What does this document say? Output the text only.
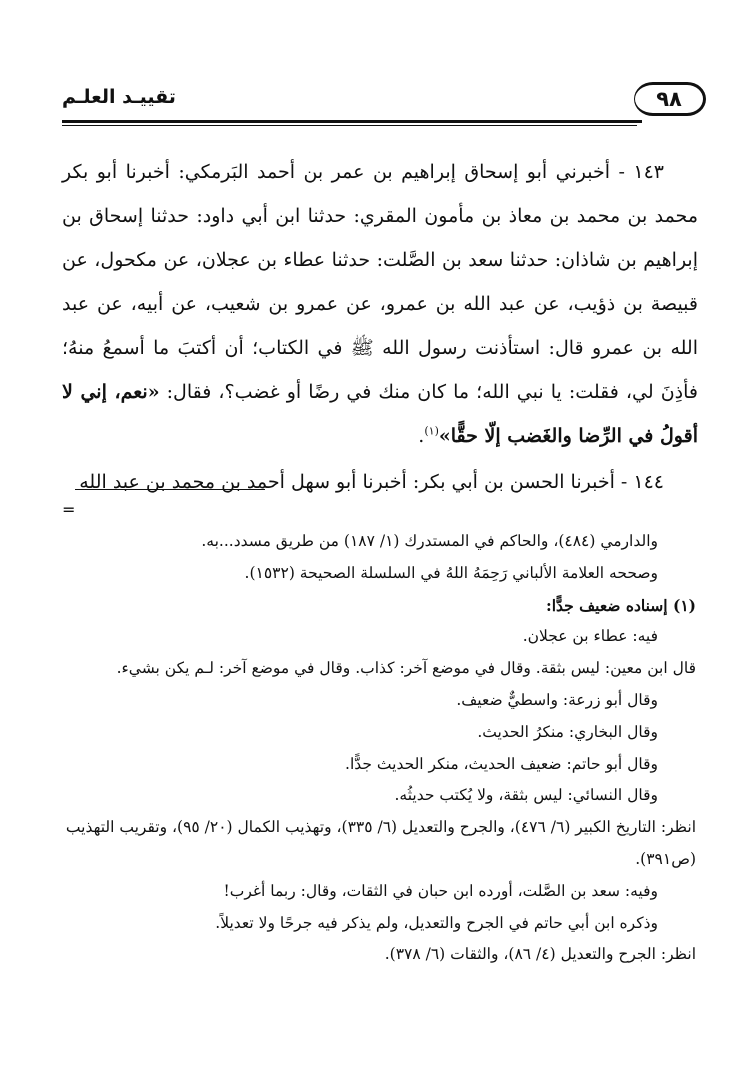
٩٨
تقييـد العلـم

١٤٣ - أخبرني أبو إسحاق إبراهيم بن عمر بن أحمد البَرمكي: أخبرنا أبو بكر محمد بن محمد بن معاذ بن مأمون المقري: حدثنا ابن أبي داود: حدثنا إسحاق بن إبراهيم بن شاذان: حدثنا سعد بن الصَّلت: حدثنا عطاء بن عجلان، عن مكحول، عن قبيصة بن ذؤيب، عن عبد الله بن عمرو، عن عمرو بن شعيب، عن أبيه، عن عبد الله بن عمرو قال: استأذنت رسول الله ﷺ في الكتاب؛ أن أكتبَ ما أسمعُ منهُ؛ فأذِنَ لي، فقلت: يا نبي الله؛ ما كان منك في رضًا أو غضب؟، فقال: «نعم، إني لا أقولُ في الرِّضا والغَضب إلّا حقًّا»$^{(١)}$.

١٤٤ - أخبرنا الحسن بن أبي بكر: أخبرنا أبو سهل أحمد بن محمد بن عبد الله

=

والدارمي (٤٨٤)، والحاكم في المستدرك (١/ ١٨٧) من طريق مسدد...به.

وصححه العلامة الألباني رَحِمَهُ اللهُ في السلسلة الصحيحة (١٥٣٢).

(١) إسناده ضعيف جدًّا:

فيه: عطاء بن عجلان.

قال ابن معين: ليس بثقة. وقال في موضع آخر: كذاب. وقال في موضع آخر: لـم يكن بشيء.

وقال أبو زرعة: واسطيٌّ ضعيف.

وقال البخاري: منكرُ الحديث.

وقال أبو حاتم: ضعيف الحديث، منكر الحديث جدًّا.

وقال النسائي: ليس بثقة، ولا يُكتب حديثُه.

انظر: التاريخ الكبير (٦/ ٤٧٦)، والجرح والتعديل (٦/ ٣٣٥)، وتهذيب الكمال (٢٠/ ٩٥)، وتقريب التهذيب (ص٣٩١).

وفيه: سعد بن الصَّلت، أورده ابن حبان في الثقات، وقال: ربما أغرب!

وذكره ابن أبي حاتم في الجرح والتعديل، ولم يذكر فيه جرحًا ولا تعديلاً.

انظر: الجرح والتعديل (٤/ ٨٦)، والثقات (٦/ ٣٧٨).
